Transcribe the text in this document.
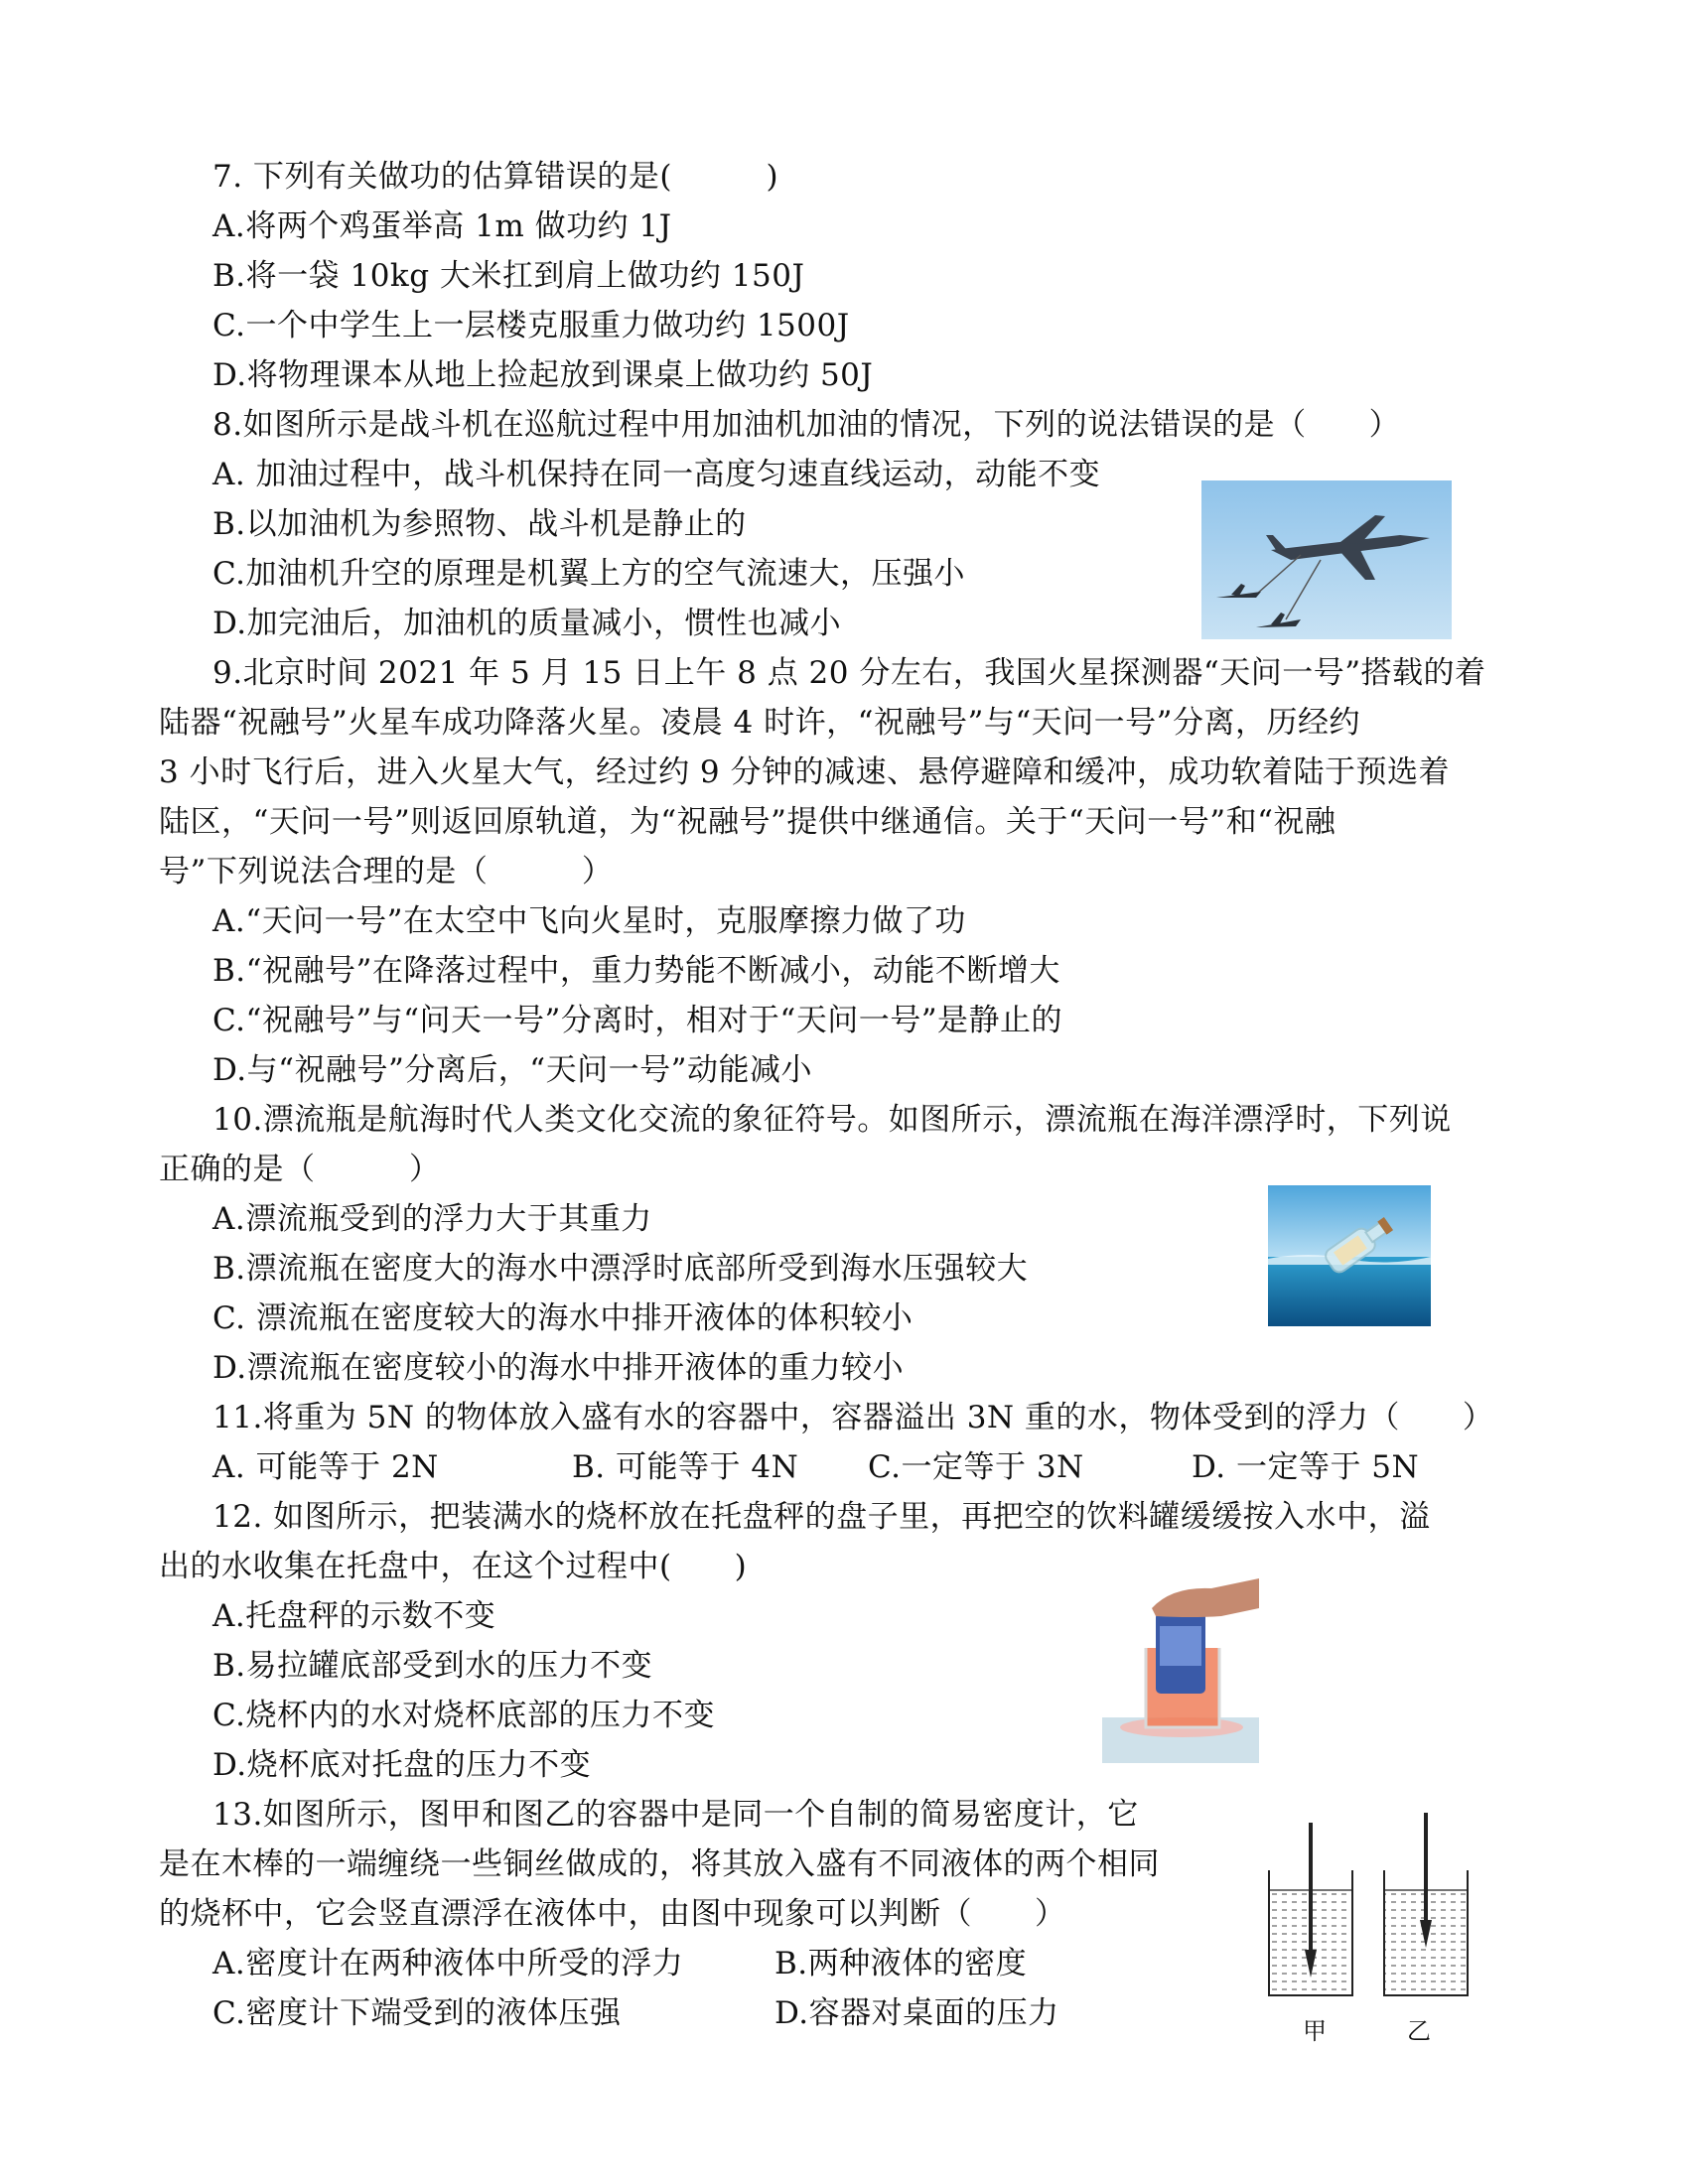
7. 下列有关做功的估算错误的是(　　　)
A.将两个鸡蛋举高 1m 做功约 1J
B.将一袋 10kg 大米扛到肩上做功约 150J
C.一个中学生上一层楼克服重力做功约 1500J
D.将物理课本从地上捡起放到课桌上做功约 50J
8.如图所示是战斗机在巡航过程中用加油机加油的情况，下列的说法错误的是（　　）
A. 加油过程中，战斗机保持在同一高度匀速直线运动，动能不变
B.以加油机为参照物、战斗机是静止的
C.加油机升空的原理是机翼上方的空气流速大，压强小
D.加完油后，加油机的质量减小，惯性也减小
9.北京时间 2021 年 5 月 15 日上午 8 点 20 分左右，我国火星探测器“天问一号”搭载的着
陆器“祝融号”火星车成功降落火星。凌晨 4 时许，“祝融号”与“天问一号”分离，历经约
3 小时飞行后，进入火星大气，经过约 9 分钟的减速、悬停避障和缓冲，成功软着陆于预选着
陆区，“天问一号”则返回原轨道，为“祝融号”提供中继通信。关于“天问一号”和“祝融
号”下列说法合理的是（　　　）
A.“天问一号”在太空中飞向火星时，克服摩擦力做了功
B.“祝融号”在降落过程中，重力势能不断减小，动能不断增大
C.“祝融号”与“问天一号”分离时，相对于“天问一号”是静止的
D.与“祝融号”分离后，“天问一号”动能减小
10.漂流瓶是航海时代人类文化交流的象征符号。如图所示，漂流瓶在海洋漂浮时，下列说
正确的是（　　　）
A.漂流瓶受到的浮力大于其重力
B.漂流瓶在密度大的海水中漂浮时底部所受到海水压强较大
C. 漂流瓶在密度较大的海水中排开液体的体积较小
D.漂流瓶在密度较小的海水中排开液体的重力较小
11.将重为 5N 的物体放入盛有水的容器中，容器溢出 3N 重的水，物体受到的浮力（　　）
A. 可能等于 2N	B. 可能等于 4N C.一定等于 3N	D. 一定等于 5N
12. 如图所示，把装满水的烧杯放在托盘秤的盘子里，再把空的饮料罐缓缓按入水中，溢
出的水收集在托盘中，在这个过程中(　　)
A.托盘秤的示数不变
B.易拉罐底部受到水的压力不变
C.烧杯内的水对烧杯底部的压力不变
D.烧杯底对托盘的压力不变
13.如图所示，图甲和图乙的容器中是同一个自制的简易密度计，它
是在木棒的一端缠绕一些铜丝做成的，将其放入盛有不同液体的两个相同
的烧杯中，它会竖直漂浮在液体中，由图中现象可以判断（　　）
A.密度计在两种液体中所受的浮力	B.两种液体的密度
C.密度计下端受到的液体压强	D.容器对桌面的压力	甲	乙
